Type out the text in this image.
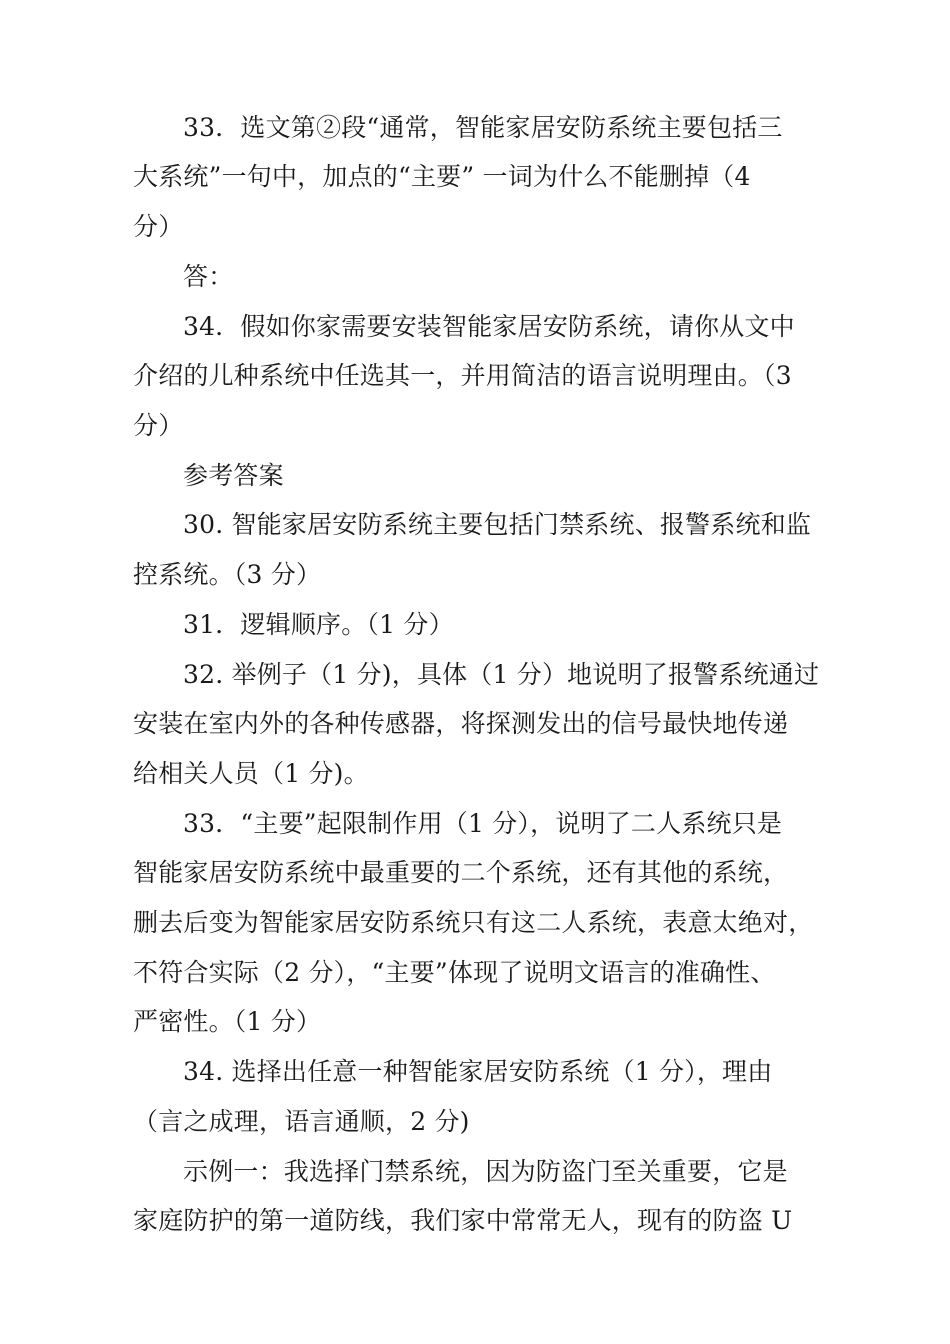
33．选文第②段“通常，智能家居安防系统主要包括三
大系统”一句中，加点的“主要” 一词为什么不能删掉（4
分）
答：
34．假如你家需要安装智能家居安防系统，请你从文中
介绍的儿种系统中任选其一，并用简洁的语言说明理由。（3
分）
参考答案
30. 智能家居安防系统主要包括门禁系统、报警系统和监
控系统。（3 分）
31．逻辑顺序。（1 分）
32. 举例子（1 分)，具体（1 分）地说明了报警系统通过
安装在室内外的各种传感器，将探测发出的信号最快地传递
给相关人员（1 分)。
33．“主要”起限制作用（1 分），说明了二人系统只是
智能家居安防系统中最重要的二个系统，还有其他的系统，
删去后变为智能家居安防系统只有这二人系统，表意太绝对，
不符合实际（2 分），“主要”体现了说明文语言的准确性、
严密性。（1 分）
34. 选择出任意一种智能家居安防系统（1 分），理由
（言之成理，语言通顺，2 分)
示例一：我选择门禁系统，因为防盗门至关重要，它是
家庭防护的第一道防线，我们家中常常无人，现有的防盗 U
